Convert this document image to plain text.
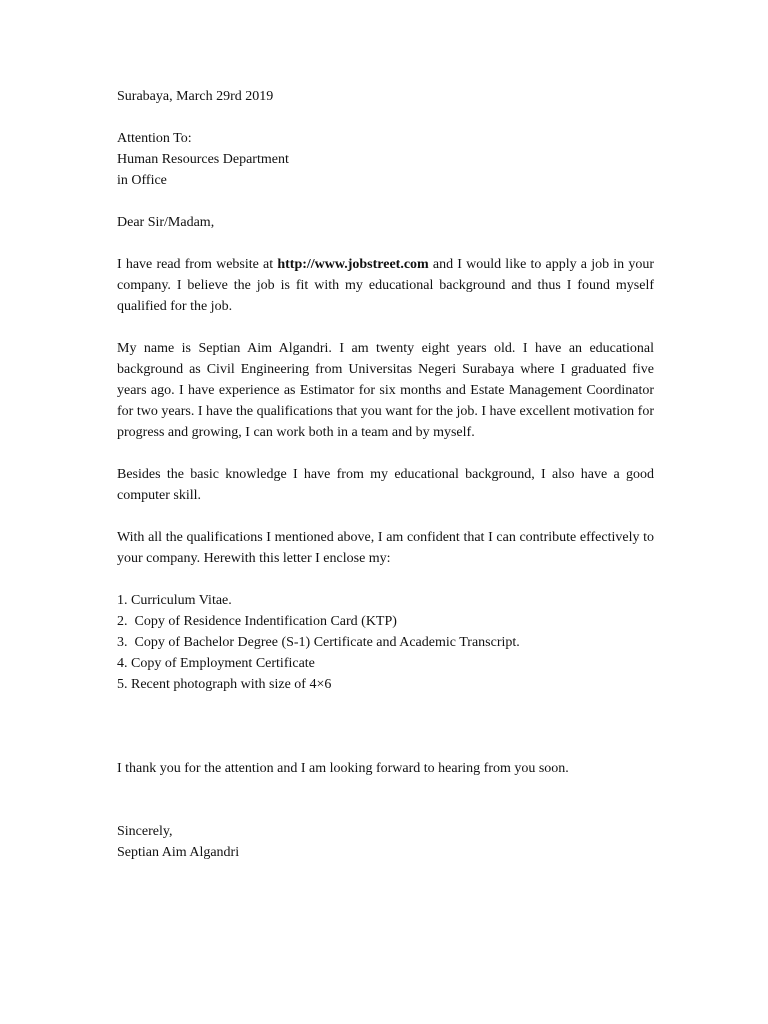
Surabaya, March 29rd 2019
Attention To:
Human Resources Department
in Office
Dear Sir/Madam,

I have read from website at http://www.jobstreet.com and I would like to apply a job in your company. I believe the job is fit with my educational background and thus I found myself qualified for the job.

My name is Septian Aim Algandri. I am twenty eight years old. I have an educational background as Civil Engineering from Universitas Negeri Surabaya where I graduated five years ago. I have experience as Estimator for six months and Estate Management Coordinator for two years. I have the qualifications that you want for the job. I have excellent motivation for progress and growing, I can work both in a team and by myself.

Besides the basic knowledge I have from my educational background, I also have a good computer skill.

With all the qualifications I mentioned above, I am confident that I can contribute effectively to your company. Herewith this letter I enclose my:

1. Curriculum Vitae.
2.  Copy of Residence Indentification Card (KTP)
3.  Copy of Bachelor Degree (S-1) Certificate and Academic Transcript.
4. Copy of Employment Certificate
5. Recent photograph with size of 4×6

I thank you for the attention and I am looking forward to hearing from you soon.

Sincerely,
Septian Aim Algandri
